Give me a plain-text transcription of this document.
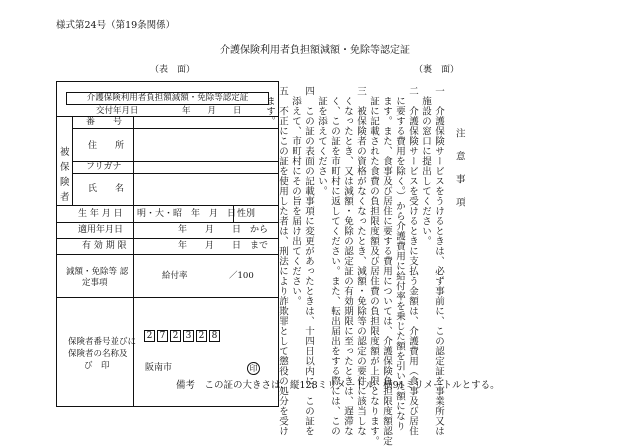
様式第24号（第19条関係）
介護保険利用者負担額減額・免除等認定証
（表　面）	（裏　面）
介護保険利用者負担額減額・免除等認定証
交付年月日	年　　月　　日
被
保
険
者
番　　号
住　　所
フリガナ
氏　　名
生 年 月 日 明・大・昭　年　月　日 性別
適用年月日	年　　月　　日　から
有 効 期 限	年　　月　　日　まで
減額・免除等 認
定事項
給付率	／100
保険者番号並びに
保険者の名称及
び　印
2 7 2 3 2 8
阪南市	印	一　介護保険サービスをうけるときは、必ず事前に、この認定証を事業所又は
　施設の窓口に提出してください。
二　介護保険サービスを受けるときに支払う金額は、介護費用（食事及び居住
　に要する費用を除く。）から介護費用に給付率を乗じた額を引いた額になり
　ます。また、食事及び居住に要する費用については、介護保険負担限度額認定
　証に記載された食費の負担限度額及び居住費の負担限度額が上限となります。
三　被保険者の資格がなくなったとき、減額・免除等の認定の要件に該当しな
　くなったとき、又は減額・免除の認定証の有効期限に至ったときは、遅滞な
　く、この証を市町村に返してください。また、転出届出をする際には、この
　証を添えてください。
四　この証の表面の記載事項に変更があったときは、十四日以内に、この証を
　添えて、市町村にその旨を届け出てください。
五　不正にこの証を使用した者は、刑法により詐欺罪として懲役の処分を受け
　ます。
注　意　事　項
備考　この証の大きさは、縦128ミリメートル、横91ミリメートルとする。
